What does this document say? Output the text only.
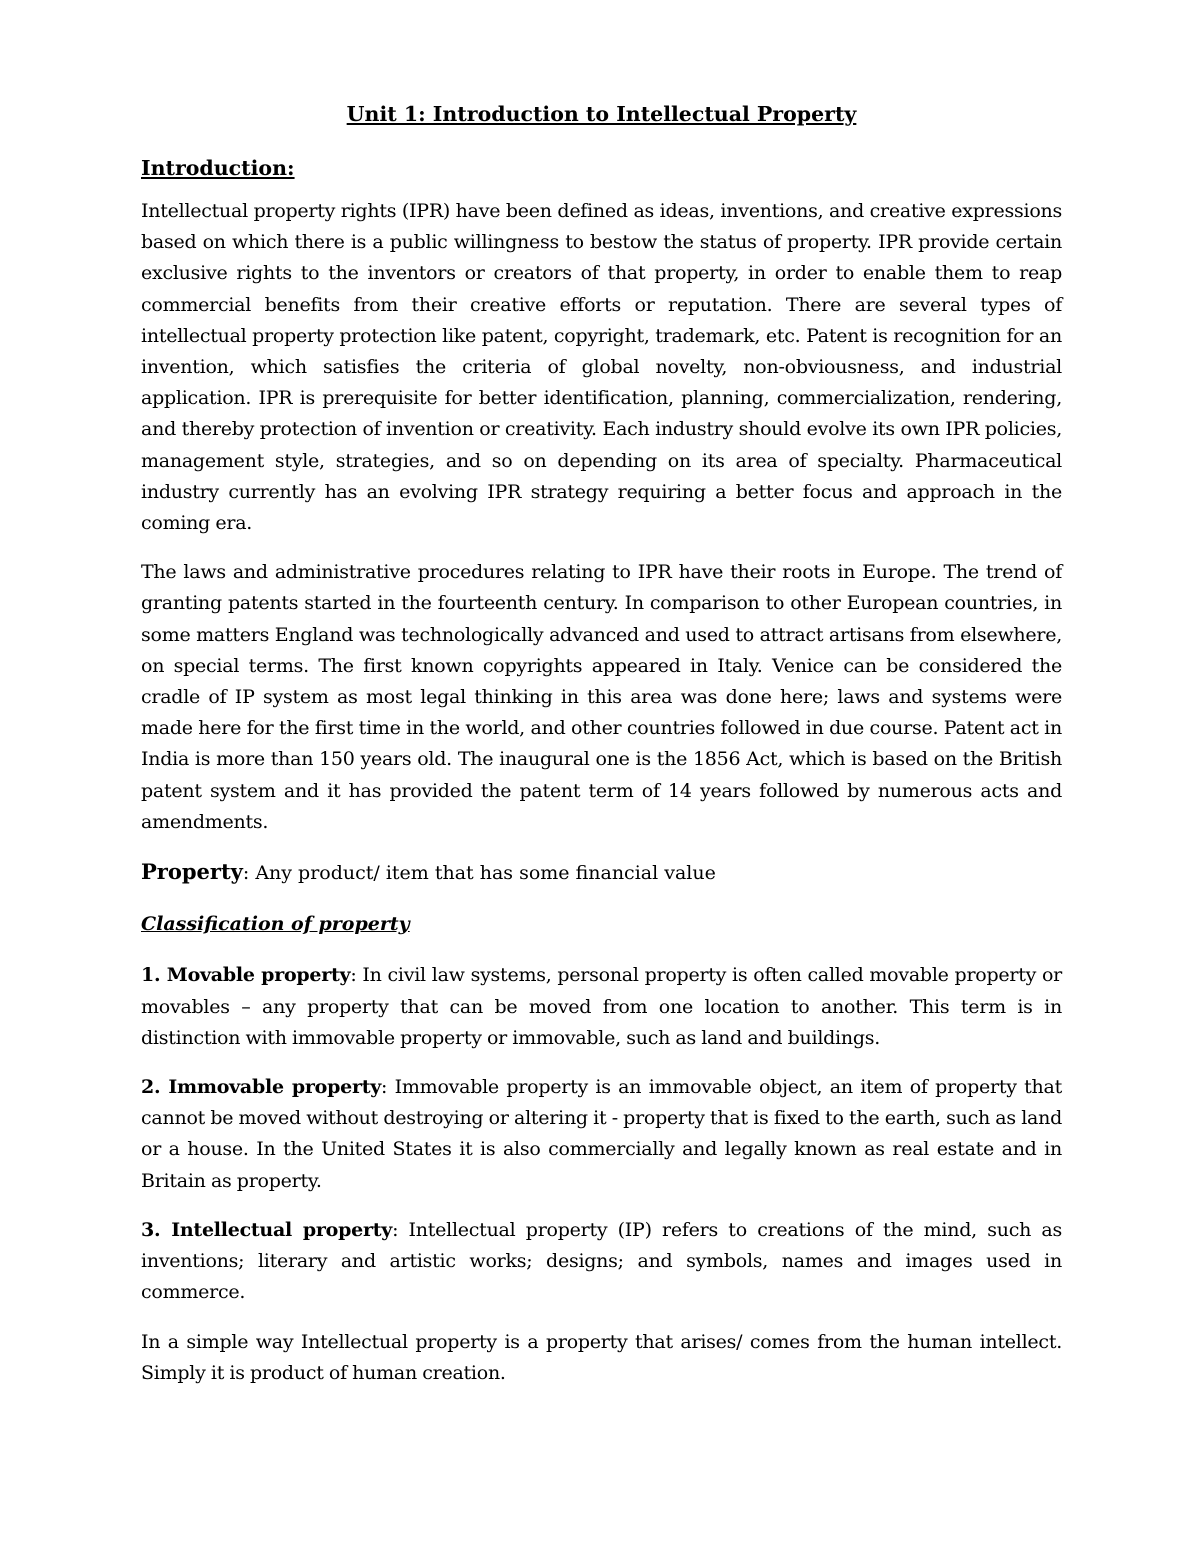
Unit 1: Introduction to Intellectual Property
Introduction:

Intellectual property rights (IPR) have been defined as ideas, inventions, and creative expressions based on which there is a public willingness to bestow the status of property. IPR provide certain exclusive rights to the inventors or creators of that property, in order to enable them to reap commercial benefits from their creative efforts or reputation. There are several types of intellectual property protection like patent, copyright, trademark, etc. Patent is recognition for an invention, which satisfies the criteria of global novelty, non-obviousness, and industrial application. IPR is prerequisite for better identification, planning, commercialization, rendering, and thereby protection of invention or creativity. Each industry should evolve its own IPR policies, management style, strategies, and so on depending on its area of specialty. Pharmaceutical industry currently has an evolving IPR strategy requiring a better focus and approach in the coming era.

The laws and administrative procedures relating to IPR have their roots in Europe. The trend of granting patents started in the fourteenth century. In comparison to other European countries, in some matters England was technologically advanced and used to attract artisans from elsewhere, on special terms. The first known copyrights appeared in Italy. Venice can be considered the cradle of IP system as most legal thinking in this area was done here; laws and systems were made here for the first time in the world, and other countries followed in due course. Patent act in India is more than 150 years old. The inaugural one is the 1856 Act, which is based on the British patent system and it has provided the patent term of 14 years followed by numerous acts and amendments.

Property: Any product/ item that has some financial value
Classification of property

1. Movable property: In civil law systems, personal property is often called movable property or movables – any property that can be moved from one location to another. This term is in distinction with immovable property or immovable, such as land and buildings.

2. Immovable property: Immovable property is an immovable object, an item of property that cannot be moved without destroying or altering it - property that is fixed to the earth, such as land or a house. In the United States it is also commercially and legally known as real estate and in Britain as property.

3. Intellectual property: Intellectual property (IP) refers to creations of the mind, such as inventions; literary and artistic works; designs; and symbols, names and images used in commerce.

In a simple way Intellectual property is a property that arises/ comes from the human intellect. Simply it is product of human creation.
